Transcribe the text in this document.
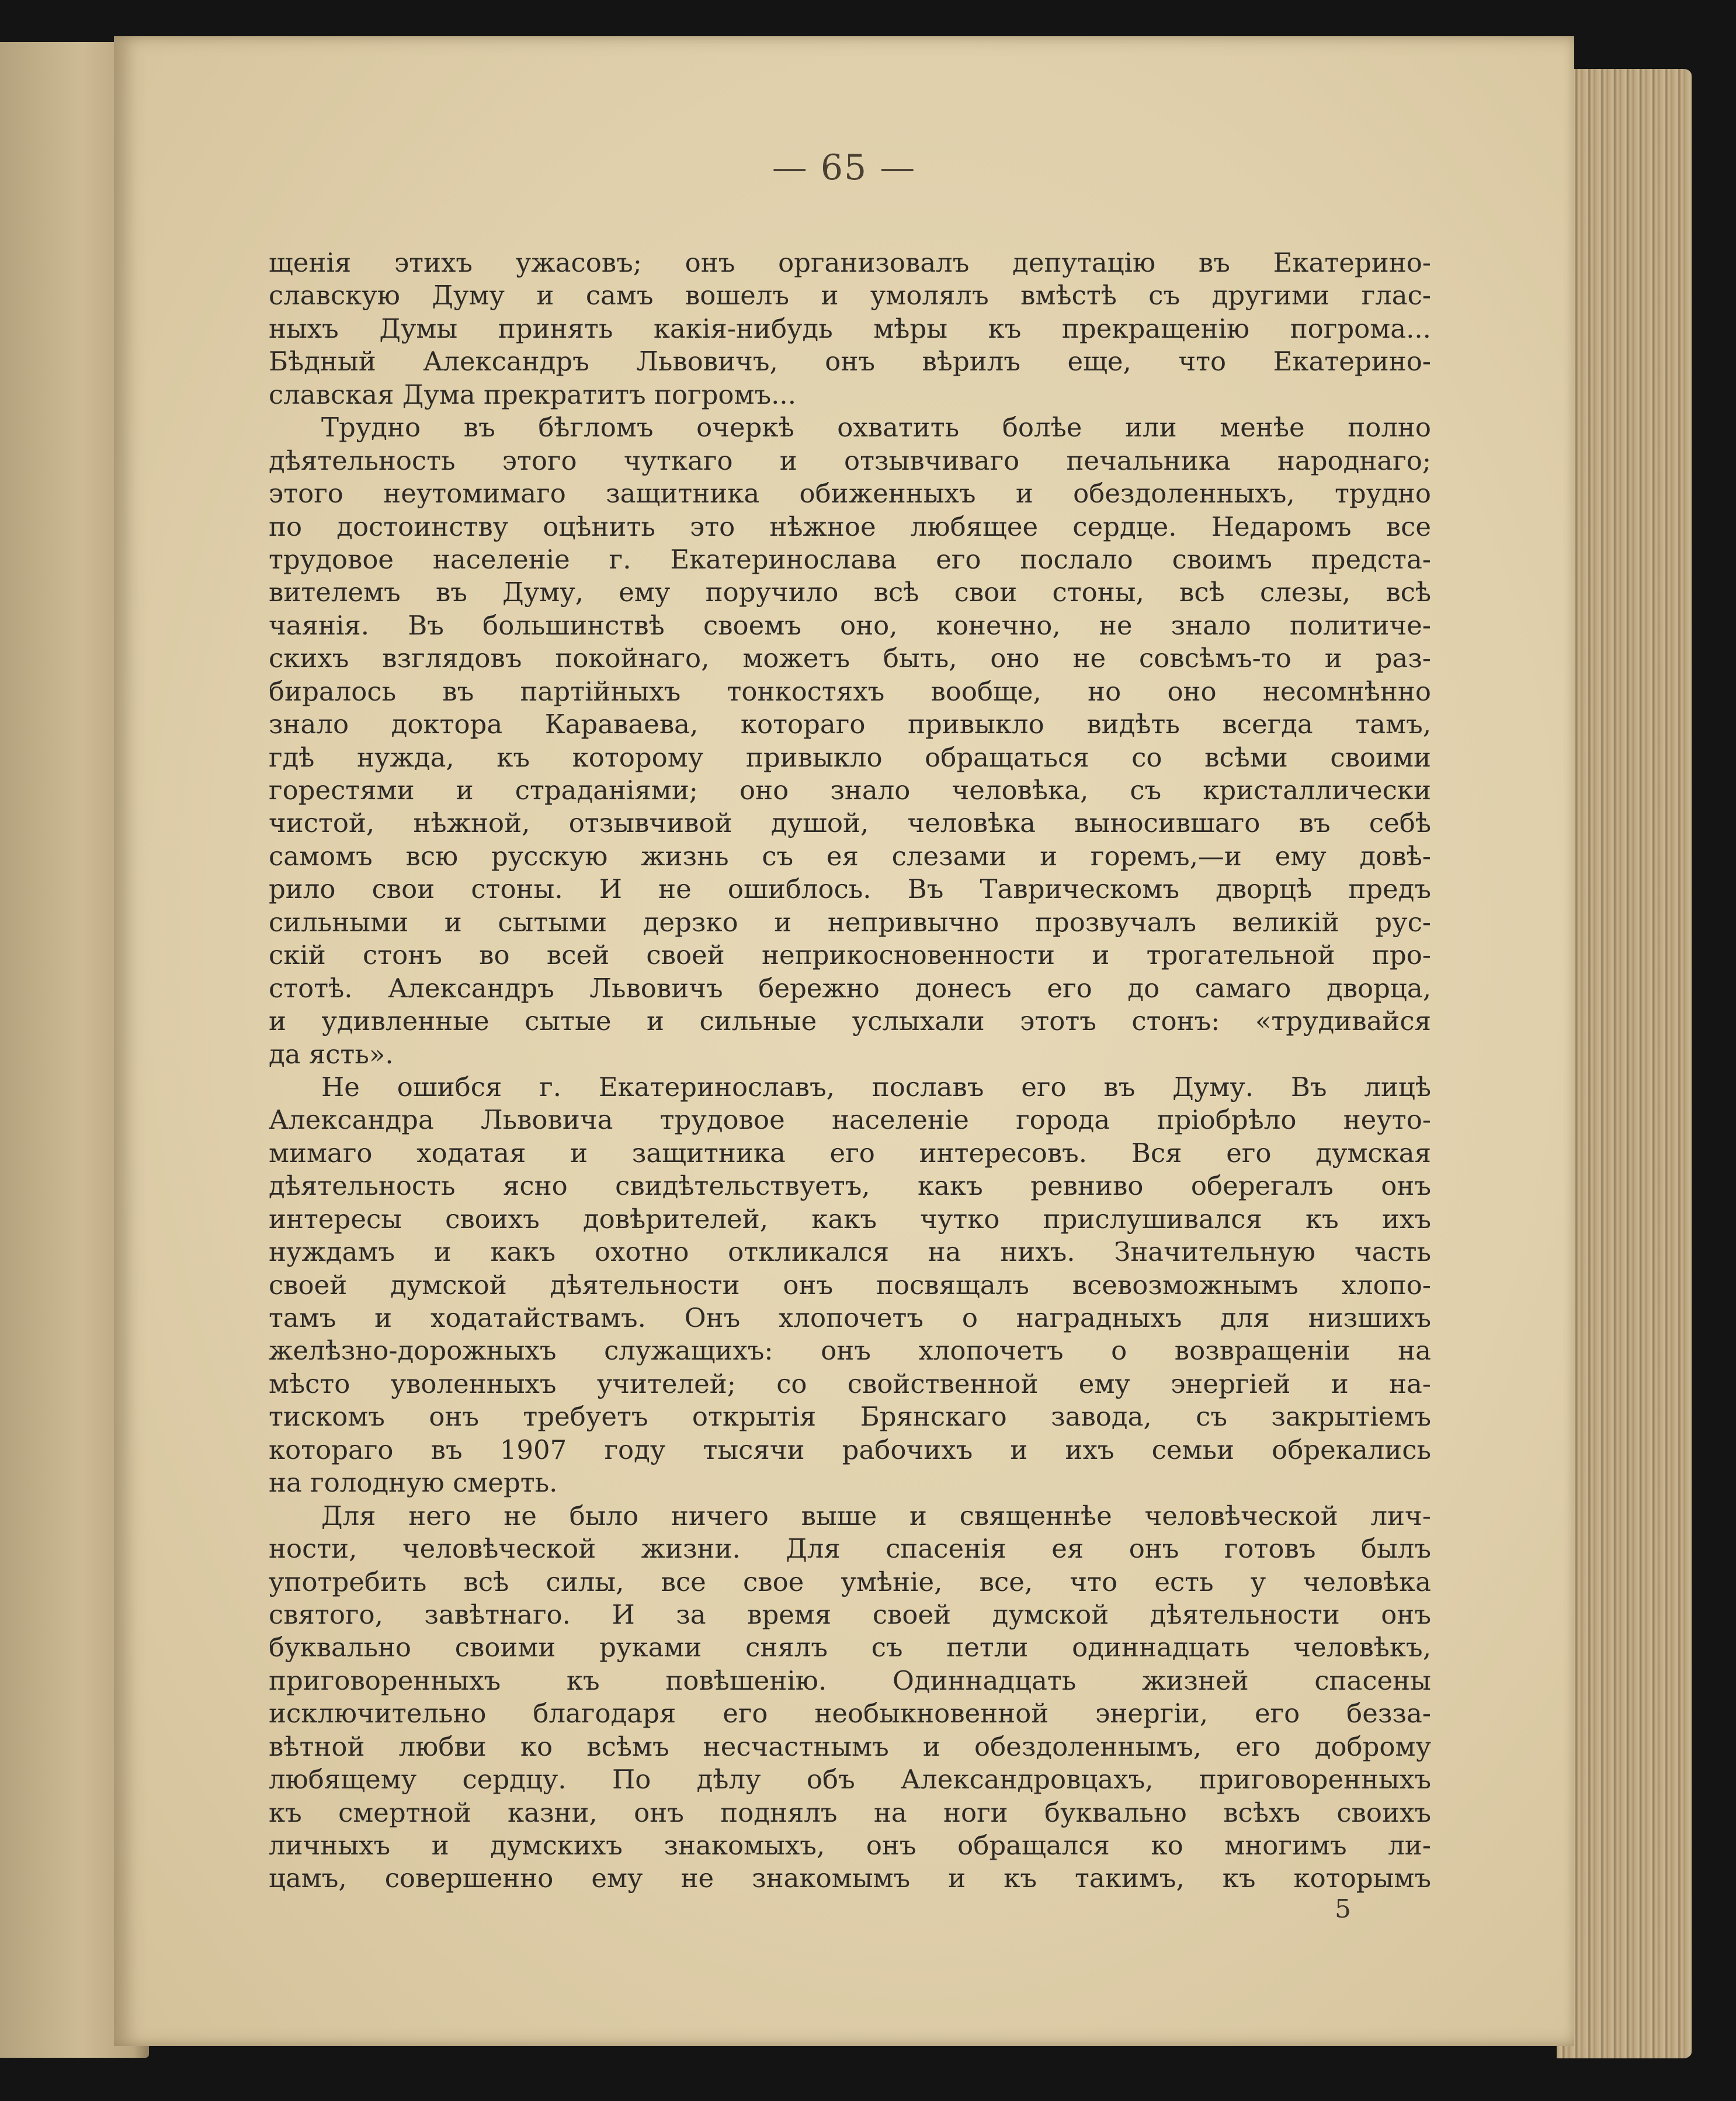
— 65 —
щенія этихъ ужасовъ; онъ организовалъ депутацію въ Екатерино-
славскую Думу и самъ вошелъ и умолялъ вмѣстѣ съ другими глас-
ныхъ Думы принять какія-нибудь мѣры къ прекращенію погрома...
Бѣдный Александръ Львовичъ, онъ вѣрилъ еще, что Екатерино-
славская Дума прекратитъ погромъ...
Трудно въ бѣгломъ очеркѣ охватить болѣе или менѣе полно
дѣятельность этого чуткаго и отзывчиваго печальника народнаго;
этого неутомимаго защитника обиженныхъ и обездоленныхъ, трудно
по достоинству оцѣнить это нѣжное любящее сердце. Недаромъ все
трудовое населеніе г. Екатеринослава его послало своимъ предста-
вителемъ въ Думу, ему поручило всѣ свои стоны, всѣ слезы, всѣ
чаянія. Въ большинствѣ своемъ оно, конечно, не знало политиче-
скихъ взглядовъ покойнаго, можетъ быть, оно не совсѣмъ-то и раз-
биралось въ партійныхъ тонкостяхъ вообще, но оно несомнѣнно
знало доктора Караваева, котораго привыкло видѣть всегда тамъ,
гдѣ нужда, къ которому привыкло обращаться со всѣми своими
горестями и страданіями; оно знало человѣка, съ кристаллически
чистой, нѣжной, отзывчивой душой, человѣка выносившаго въ себѣ
самомъ всю русскую жизнь съ ея слезами и горемъ,—и ему довѣ-
рило свои стоны. И не ошиблось. Въ Таврическомъ дворцѣ предъ
сильными и сытыми дерзко и непривычно прозвучалъ великій рус-
скій стонъ во всей своей неприкосновенности и трогательной про-
стотѣ. Александръ Львовичъ бережно донесъ его до самаго дворца,
и удивленные сытые и сильные услыхали этотъ стонъ: «трудивайся
да ясть».
Не ошибся г. Екатеринославъ, пославъ его въ Думу. Въ лицѣ
Александра Львовича трудовое населеніе города пріобрѣло неуто-
мимаго ходатая и защитника его интересовъ. Вся его думская
дѣятельность ясно свидѣтельствуетъ, какъ ревниво оберегалъ онъ
интересы своихъ довѣрителей, какъ чутко прислушивался къ ихъ
нуждамъ и какъ охотно откликался на нихъ. Значительную часть
своей думской дѣятельности онъ посвящалъ всевозможнымъ хлопо-
тамъ и ходатайствамъ. Онъ хлопочетъ о наградныхъ для низшихъ
желѣзно-дорожныхъ служащихъ: онъ хлопочетъ о возвращеніи на
мѣсто уволенныхъ учителей; со свойственной ему энергіей и на-
тискомъ онъ требуетъ открытія Брянскаго завода, съ закрытіемъ
котораго въ 1907 году тысячи рабочихъ и ихъ семьи обрекались
на голодную смерть.
Для него не было ничего выше и священнѣе человѣческой лич-
ности, человѣческой жизни. Для спасенія ея онъ готовъ былъ
употребить всѣ силы, все свое умѣніе, все, что есть у человѣка
святого, завѣтнаго. И за время своей думской дѣятельности онъ
буквально своими руками снялъ съ петли одиннадцать человѣкъ,
приговоренныхъ къ повѣшенію. Одиннадцать жизней спасены
исключительно благодаря его необыкновенной энергіи, его безза-
вѣтной любви ко всѣмъ несчастнымъ и обездоленнымъ, его доброму
любящему сердцу. По дѣлу объ Александровцахъ, приговоренныхъ
къ смертной казни, онъ поднялъ на ноги буквально всѣхъ своихъ
личныхъ и думскихъ знакомыхъ, онъ обращался ко многимъ ли-
цамъ, совершенно ему не знакомымъ и къ такимъ, къ которымъ
5
